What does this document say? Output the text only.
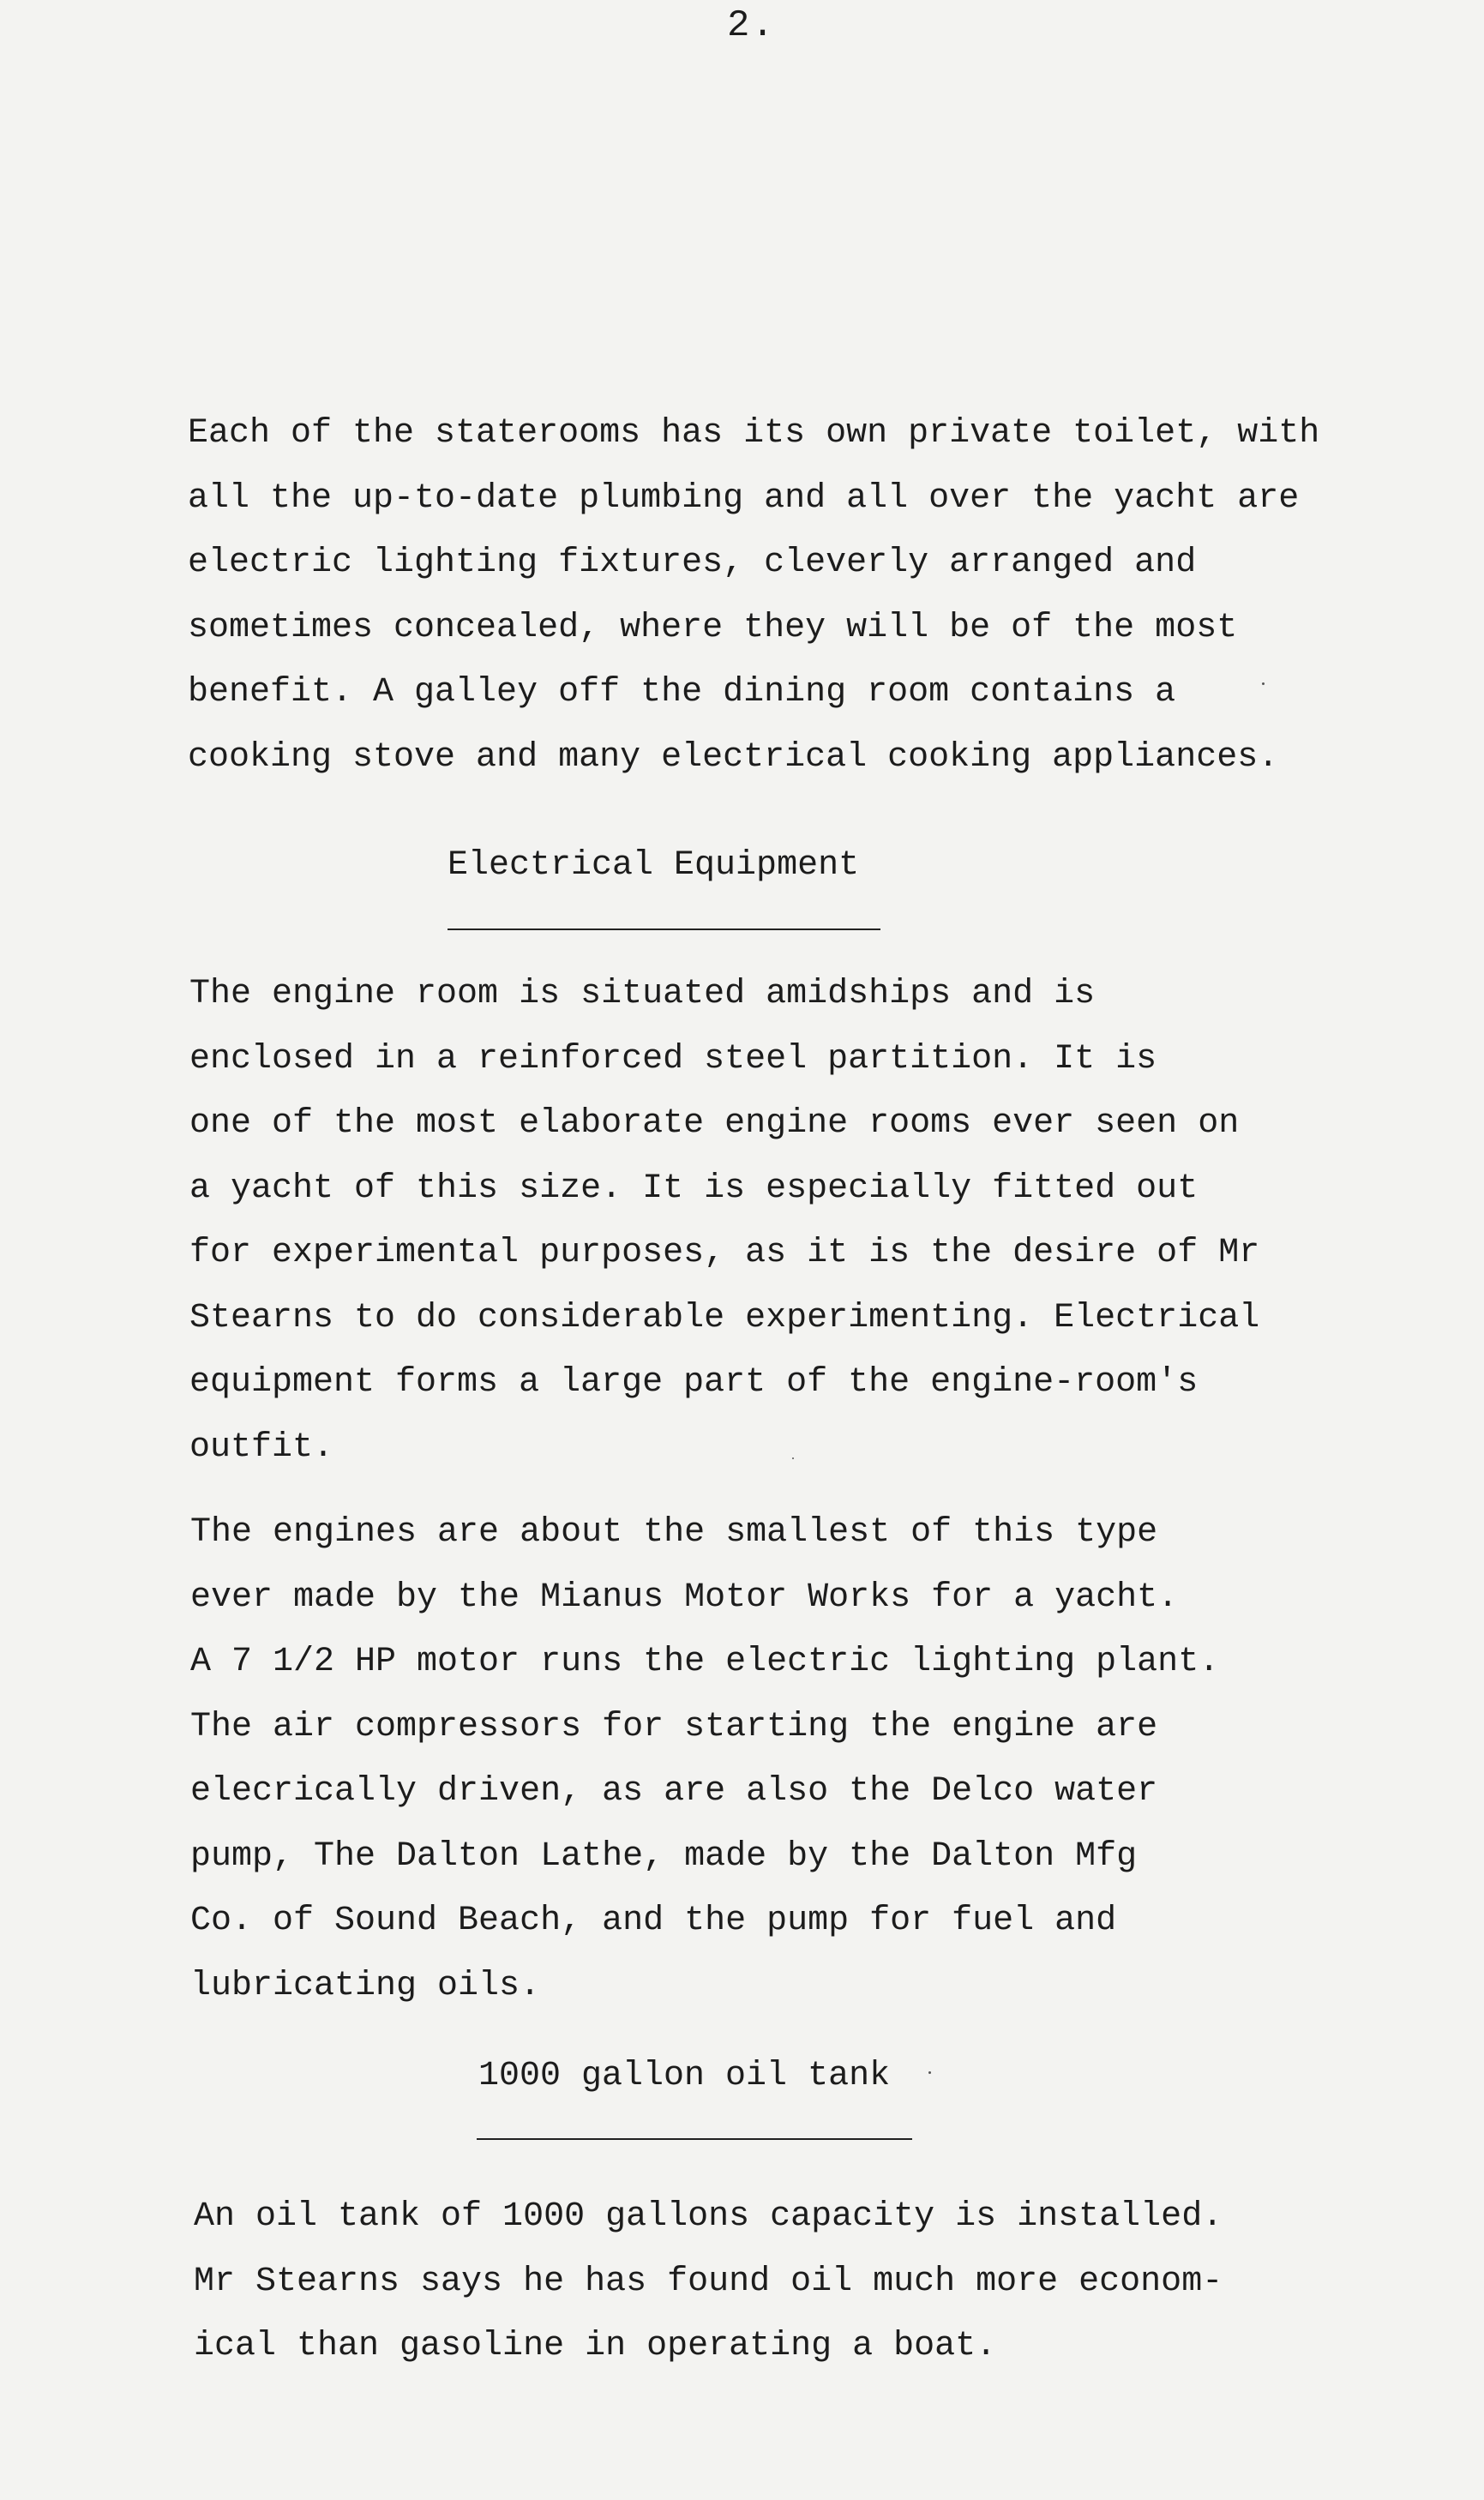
2.
Each of the staterooms has its own private toilet, with
all the up-to-date plumbing and all over the yacht are
electric lighting fixtures, cleverly arranged and
sometimes concealed, where they will be of the most
benefit. A galley off the dining room contains a
cooking stove and many electrical cooking appliances.
Electrical Equipment
The engine room is situated amidships and is
enclosed in a reinforced steel partition. It is
one of the most elaborate engine rooms ever seen on
a yacht of this size. It is especially fitted out
for experimental purposes, as it is the desire of Mr
Stearns to do considerable experimenting. Electrical
equipment forms a large part of the engine-room's
outfit.
The engines are about the smallest of this type
ever made by the Mianus Motor Works for a yacht.
A 7 1/2 HP motor runs the electric lighting plant.
The air compressors for starting the engine are
elecrically driven, as are also the Delco water
pump, The Dalton Lathe, made by the Dalton Mfg
Co. of Sound Beach, and the pump for fuel and
lubricating oils.
1000 gallon oil tank
An oil tank of 1000 gallons capacity is installed.
Mr Stearns says he has found oil much more econom-
ical than gasoline in operating a boat.
